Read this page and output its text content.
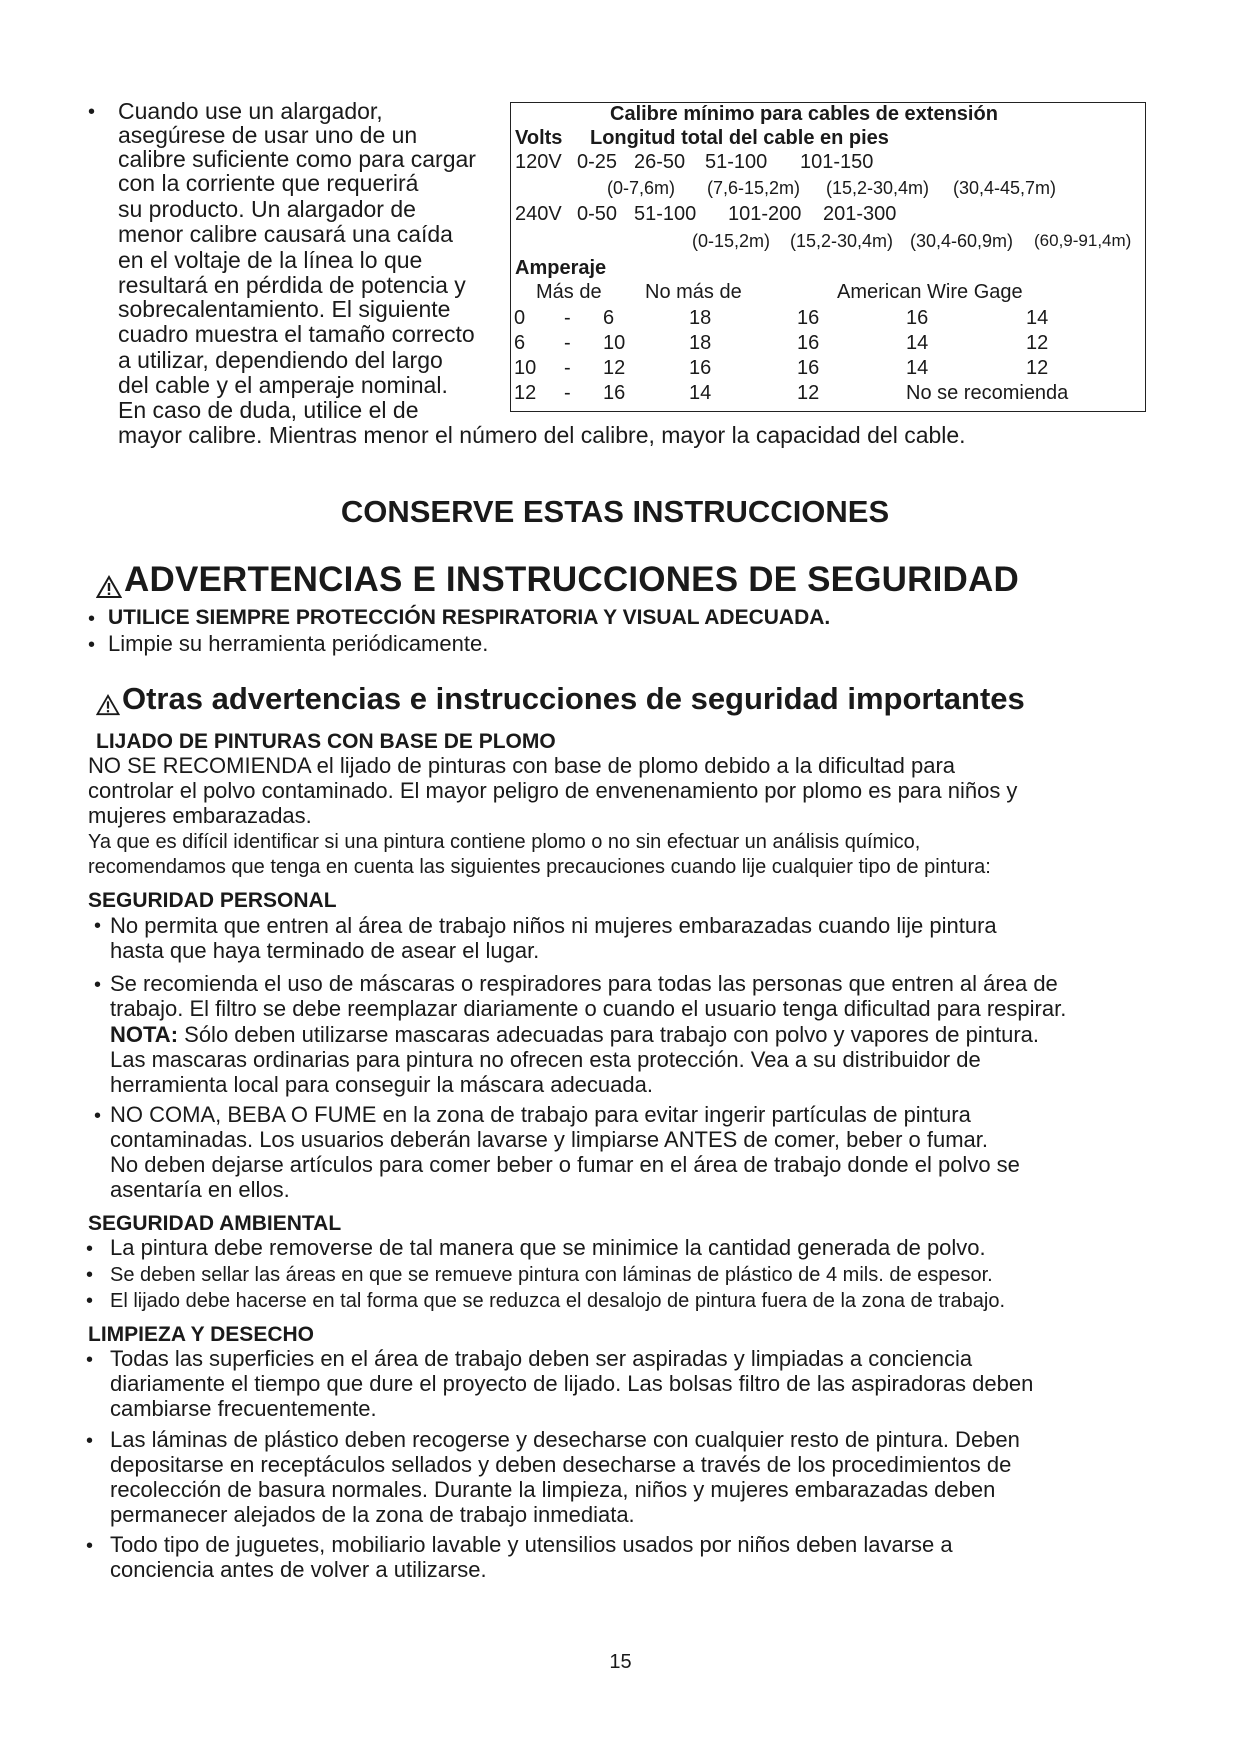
• Cuando use un alargador,
asegúrese de usar uno de un
calibre suficiente como para cargar
con la corriente que requerirá
su producto. Un alargador de
menor calibre causará una caída
en el voltaje de la línea lo que
resultará en pérdida de potencia y
sobrecalentamiento. El siguiente
cuadro muestra el tamaño correcto
a utilizar, dependiendo del largo
del cable y el amperaje nominal.
En caso de duda, utilice el de
mayor calibre. Mientras menor el número del calibre, mayor la capacidad del cable.
Calibre mínimo para cables de extensión
Volts Longitud total del cable en pies
120V 0-25 26-50 51-100 101-150
(0-7,6m) (7,6-15,2m) (15,2-30,4m) (30,4-45,7m)
240V 0-50 51-100 101-200 201-300
(0-15,2m) (15,2-30,4m) (30,4-60,9m) (60,9-91,4m)
Amperaje
Más de No más de	American Wire Gage
0 - 6	18	16	16	14
6 - 10	18	16	14	12
10 - 12	16	16	14	12
12 - 16	14	12	No se recomienda
CONSERVE ESTAS INSTRUCCIONES
ADVERTENCIAS E INSTRUCCIONES DE SEGURIDAD
• UTILICE SIEMPRE PROTECCIÓN RESPIRATORIA Y VISUAL ADECUADA.
• Limpie su herramienta periódicamente.
Otras advertencias e instrucciones de seguridad importantes
LIJADO DE PINTURAS CON BASE DE PLOMO
NO SE RECOMIENDA el lijado de pinturas con base de plomo debido a la dificultad para
controlar el polvo contaminado. El mayor peligro de envenenamiento por plomo es para niños y
mujeres embarazadas.
Ya que es difícil identificar si una pintura contiene plomo o no sin efectuar un análisis químico,
recomendamos que tenga en cuenta las siguientes precauciones cuando lije cualquier tipo de pintura:
SEGURIDAD PERSONAL
• No permita que entren al área de trabajo niños ni mujeres embarazadas cuando lije pintura
hasta que haya terminado de asear el lugar.
• Se recomienda el uso de máscaras o respiradores para todas las personas que entren al área de
trabajo. El filtro se debe reemplazar diariamente o cuando el usuario tenga dificultad para respirar.
NOTA: Sólo deben utilizarse mascaras adecuadas para trabajo con polvo y vapores de pintura.
Las mascaras ordinarias para pintura no ofrecen esta protección. Vea a su distribuidor de
herramienta local para conseguir la máscara adecuada.
• NO COMA, BEBA O FUME en la zona de trabajo para evitar ingerir partículas de pintura
contaminadas. Los usuarios deberán lavarse y limpiarse ANTES de comer, beber o fumar.
No deben dejarse artículos para comer beber o fumar en el área de trabajo donde el polvo se
asentaría en ellos.
SEGURIDAD AMBIENTAL
• La pintura debe removerse de tal manera que se minimice la cantidad generada de polvo.
• Se deben sellar las áreas en que se remueve pintura con láminas de plástico de 4 mils. de espesor.
• El lijado debe hacerse en tal forma que se reduzca el desalojo de pintura fuera de la zona de trabajo.
LIMPIEZA Y DESECHO
• Todas las superficies en el área de trabajo deben ser aspiradas y limpiadas a conciencia
diariamente el tiempo que dure el proyecto de lijado. Las bolsas filtro de las aspiradoras deben
cambiarse frecuentemente.
• Las láminas de plástico deben recogerse y desecharse con cualquier resto de pintura. Deben
depositarse en receptáculos sellados y deben desecharse a través de los procedimientos de
recolección de basura normales. Durante la limpieza, niños y mujeres embarazadas deben
permanecer alejados de la zona de trabajo inmediata.
• Todo tipo de juguetes, mobiliario lavable y utensilios usados por niños deben lavarse a
conciencia antes de volver a utilizarse.
15
